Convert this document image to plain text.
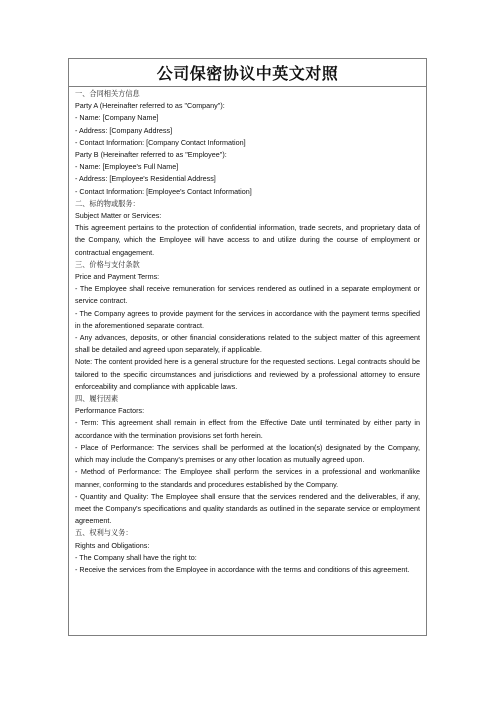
公司保密协议中英文对照
一、合同相关方信息
Party A (Hereinafter referred to as "Company"):
- Name: [Company Name]
- Address: [Company Address]
- Contact Information: [Company Contact Information]
Party B (Hereinafter referred to as "Employee"):
- Name: [Employee's Full Name]
- Address: [Employee's Residential Address]
- Contact Information: [Employee's Contact Information]
二、标的物或服务：
Subject Matter or Services:
This agreement pertains to the protection of confidential information, trade secrets, and proprietary data of the Company, which the Employee will have access to and utilize during the course of employment or contractual engagement.
三、价格与支付条款
Price and Payment Terms:
- The Employee shall receive remuneration for services rendered as outlined in a separate employment or service contract.
- The Company agrees to provide payment for the services in accordance with the payment terms specified in the aforementioned separate contract.
- Any advances, deposits, or other financial considerations related to the subject matter of this agreement shall be detailed and agreed upon separately, if applicable.
Note: The content provided here is a general structure for the requested sections. Legal contracts should be tailored to the specific circumstances and jurisdictions and reviewed by a professional attorney to ensure enforceability and compliance with applicable laws.
四、履行因素
Performance Factors:
- Term: This agreement shall remain in effect from the Effective Date until terminated by either party in accordance with the termination provisions set forth herein.
- Place of Performance: The services shall be performed at the location(s) designated by the Company, which may include the Company's premises or any other location as mutually agreed upon.
- Method of Performance: The Employee shall perform the services in a professional and workmanlike manner, conforming to the standards and procedures established by the Company.
- Quantity and Quality: The Employee shall ensure that the services rendered and the deliverables, if any, meet the Company's specifications and quality standards as outlined in the separate service or employment agreement.
五、权利与义务：
Rights and Obligations:
- The Company shall have the right to:
- Receive the services from the Employee in accordance with the terms and conditions of this agreement.
